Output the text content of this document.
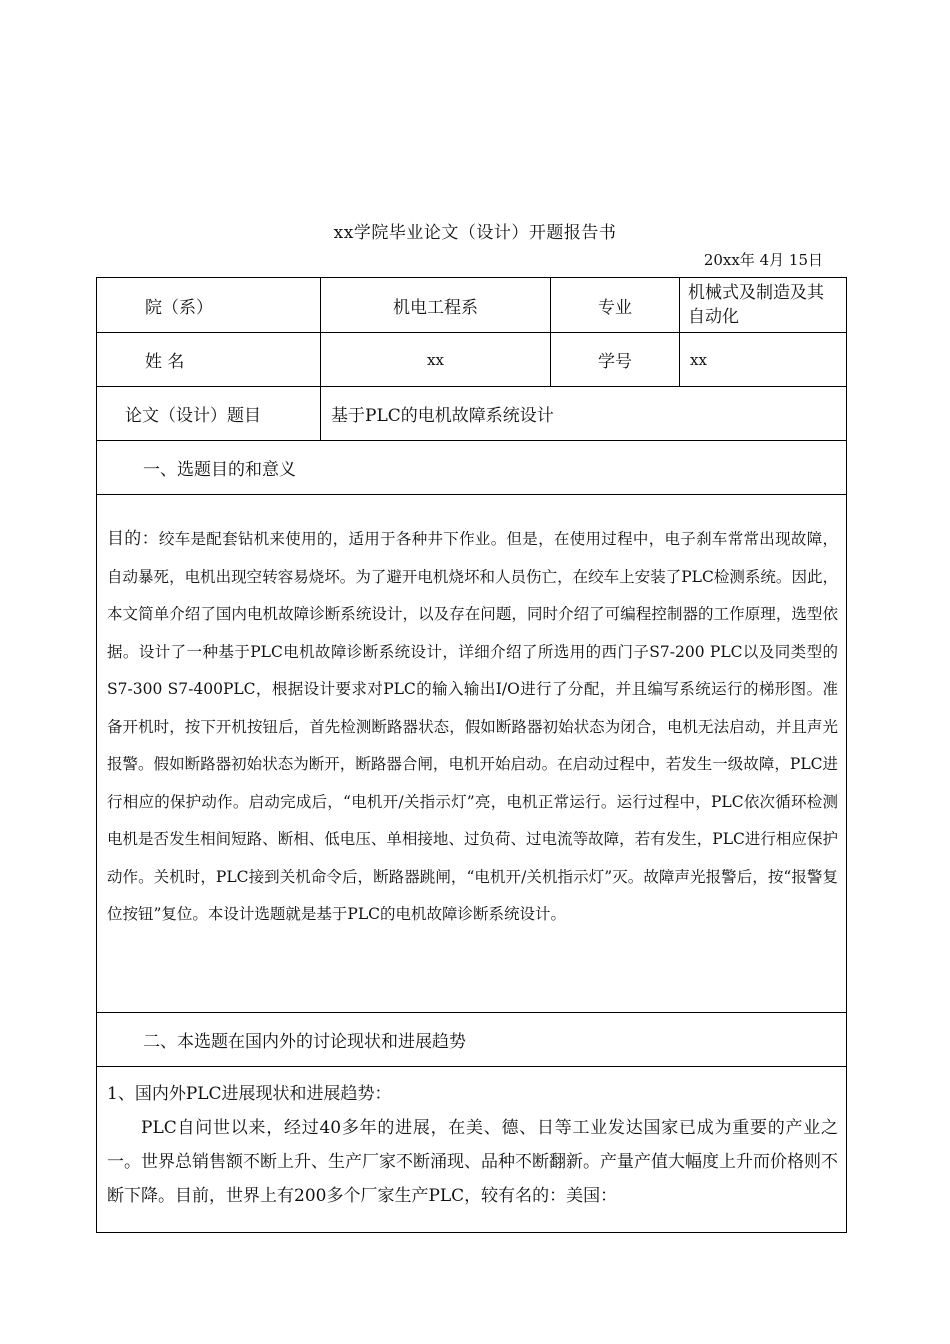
xx学院毕业论文（设计）开题报告书
20xx年 4月 15日
院（系）	机电工程系	专业	机械式及制造及其自动化
姓 名	xx	学号	xx
论文（设计）题目	基于PLC的电机故障系统设计		
一、选题目的和意义			

目的：绞车是配套钻机来使用的，适用于各种井下作业。但是，在使用过程中，电子刹车常常出现故障，自动暴死，电机出现空转容易烧坏。为了避开电机烧坏和人员伤亡，在绞车上安装了PLC检测系统。因此， 本文简单介绍了国内电机故障诊断系统设计，以及存在问题，同时介绍了可编程控制器的工作原理，选型依据。设计了一种基于PLC电机故障诊断系统设计，详细介绍了所选用的西门子S7-200 PLC以及同类型的S7-300 S7-400PLC，根据设计要求对PLC的输入输出I/O进行了分配，并且编写系统运行的梯形图。准备开机时，按下开机按钮后，首先检测断路器状态，假如断路器初始状态为闭合，电机无法启动，并且声光报警。假如断路器初始状态为断开，断路器合闸，电机开始启动。在启动过程中，若发生一级故障，PLC进行相应的保护动作。启动完成后，“电机开/关指示灯”亮，电机正常运行。运行过程中，PLC依次循环检测电机是否发生相间短路、断相、低电压、单相接地、过负荷、过电流等故障，若有发生，PLC进行相应保护动作。关机时，PLC接到关机命令后，断路器跳闸，“电机开/关机指示灯”灭。故障声光报警后，按“报警复位按钮”复位。本设计选题就是基于PLC的电机故障诊断系统设计。			

二、本选题在国内外的讨论现状和进展趋势			

1、国内外PLC进展现状和进展趋势：
PLC自问世以来，经过40多年的进展，在美、德、日等工业发达国家已成为重要的产业之一。世界总销售额不断上升、生产厂家不断涌现、品种不断翻新。产量产值大幅度上升而价格则不断下降。目前，世界上有200多个厂家生产PLC，较有名的：美国：			
